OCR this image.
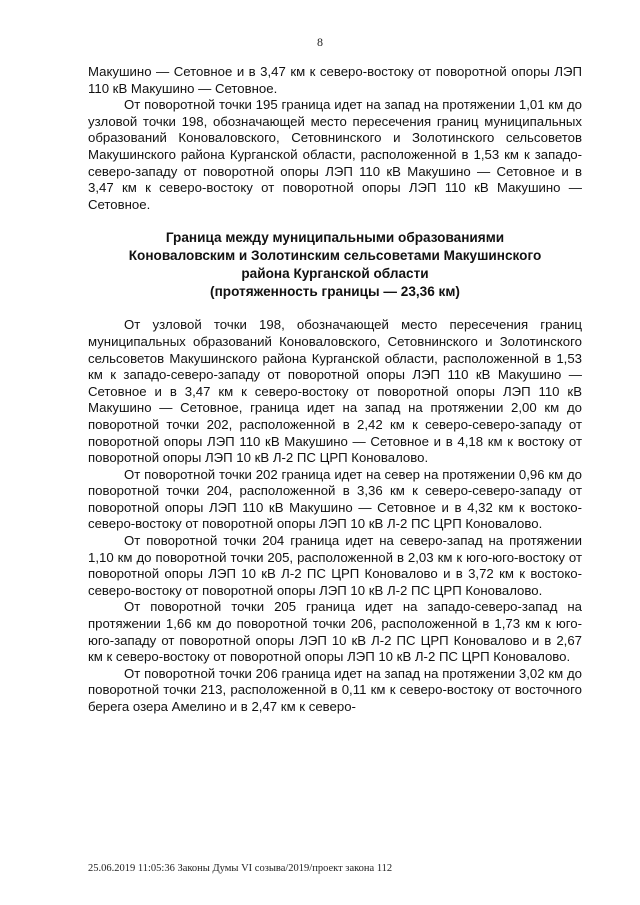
8

Макушино — Сетовное и в 3,47 км к северо-востоку от поворотной опоры ЛЭП 110 кВ Макушино — Сетовное.

От поворотной точки 195 граница идет на запад на протяжении 1,01 км до узловой точки 198, обозначающей место пересечения границ муниципальных образований Коноваловского, Сетовнинского и Золотинского сельсоветов Макушинского района Курганской области, расположенной в 1,53 км к западо-северо-западу от поворотной опоры ЛЭП 110 кВ Макушино — Сетовное и в 3,47 км к северо-востоку от поворотной опоры ЛЭП 110 кВ Макушино — Сетовное.

Граница между муниципальными образованиями
Коноваловским и Золотинским сельсоветами Макушинского
района Курганской области
(протяженность границы — 23,36 км)

От узловой точки 198, обозначающей место пересечения границ муниципальных образований Коноваловского, Сетовнинского и Золотинского сельсоветов Макушинского района Курганской области, расположенной в 1,53 км к западо-северо-западу от поворотной опоры ЛЭП 110 кВ Макушино — Сетовное и в 3,47 км к северо-востоку от поворотной опоры ЛЭП 110 кВ Макушино — Сетовное, граница идет на запад на протяжении 2,00 км до поворотной точки 202, расположенной в 2,42 км к северо-северо-западу от поворотной опоры ЛЭП 110 кВ Макушино — Сетовное и в 4,18 км к востоку от поворотной опоры ЛЭП 10 кВ Л-2 ПС ЦРП Коновалово.

От поворотной точки 202 граница идет на север на протяжении 0,96 км до поворотной точки 204, расположенной в 3,36 км к северо-северо-западу от поворотной опоры ЛЭП 110 кВ Макушино — Сетовное и в 4,32 км к востоко-северо-востоку от поворотной опоры ЛЭП 10 кВ Л-2 ПС ЦРП Коновалово.

От поворотной точки 204 граница идет на северо-запад на протяжении 1,10 км до поворотной точки 205, расположенной в 2,03 км к юго-юго-востоку от поворотной опоры ЛЭП 10 кВ Л-2 ПС ЦРП Коновалово и в 3,72 км к востоко-северо-востоку от поворотной опоры ЛЭП 10 кВ Л-2 ПС ЦРП Коновалово.

От поворотной точки 205 граница идет на западо-северо-запад на протяжении 1,66 км до поворотной точки 206, расположенной в 1,73 км к юго-юго-западу от поворотной опоры ЛЭП 10 кВ Л-2 ПС ЦРП Коновалово и в 2,67 км к северо-востоку от поворотной опоры ЛЭП 10 кВ Л-2 ПС ЦРП Коновалово.

От поворотной точки 206 граница идет на запад на протяжении 3,02 км до поворотной точки 213, расположенной в 0,11 км к северо-востоку от восточного берега озера Амелино и в 2,47 км к северо-

25.06.2019 11:05:36 Законы Думы VI созыва/2019/проект закона 112
